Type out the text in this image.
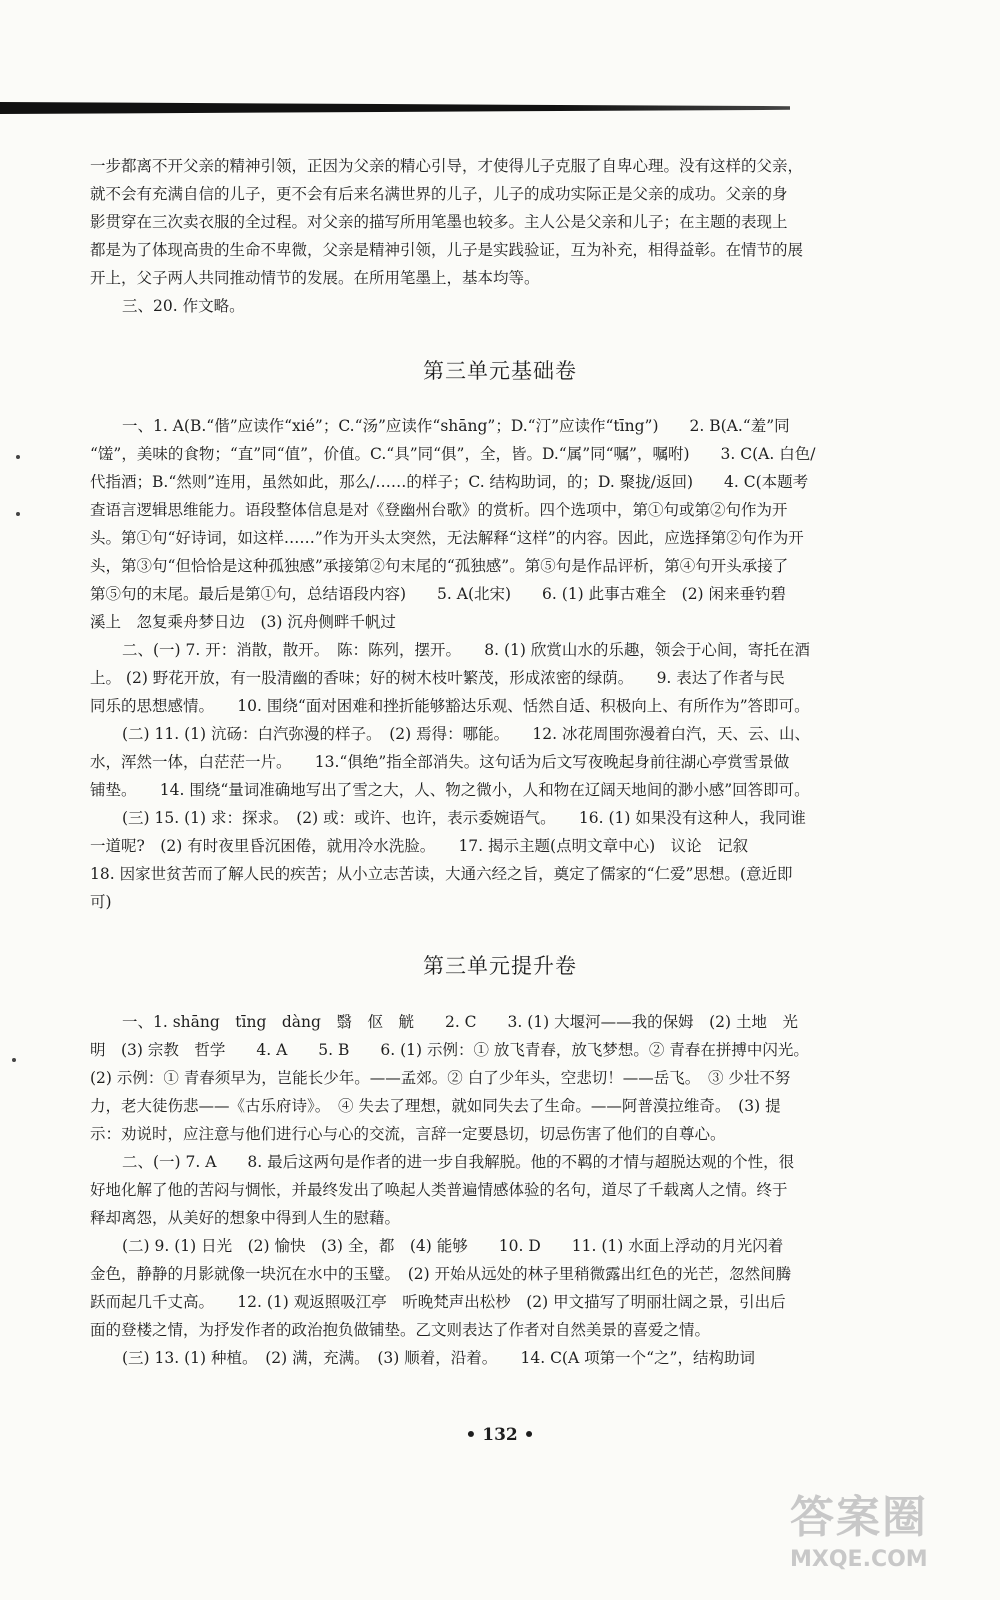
一步都离不开父亲的精神引领，正因为父亲的精心引导，才使得儿子克服了自卑心理。没有这样的父亲，
就不会有充满自信的儿子，更不会有后来名满世界的儿子，儿子的成功实际正是父亲的成功。父亲的身
影贯穿在三次卖衣服的全过程。对父亲的描写所用笔墨也较多。主人公是父亲和儿子；在主题的表现上
都是为了体现高贵的生命不卑微，父亲是精神引领，儿子是实践验证，互为补充，相得益彰。在情节的展
开上，父子两人共同推动情节的发展。在所用笔墨上，基本均等。
三、20. 作文略。
第三单元基础卷
一、1. A(B.“偕”应读作“xié”；C.“汤”应读作“shāng”；D.“汀”应读作“tīng”)　　2. B(A.“羞”同
“馐”，美味的食物；“直”同“值”，价值。C.“具”同“俱”，全，皆。D.“属”同“嘱”，嘱咐)　　3. C(A. 白色/
代指酒；B.“然则”连用，虽然如此，那么/……的样子；C. 结构助词，的；D. 聚拢/返回)　　4. C(本题考
查语言逻辑思维能力。语段整体信息是对《登幽州台歌》的赏析。四个选项中，第①句或第②句作为开
头。第①句“好诗词，如这样……”作为开头太突然，无法解释“这样”的内容。因此，应选择第②句作为开
头，第③句“但恰恰是这种孤独感”承接第②句末尾的“孤独感”。第⑤句是作品评析，第④句开头承接了
第⑤句的末尾。最后是第①句，总结语段内容)　　5. A(北宋)　　6. (1) 此事古难全　(2) 闲来垂钓碧
溪上　忽复乘舟梦日边　(3) 沉舟侧畔千帆过
二、(一) 7. 开：消散，散开。　陈：陈列，摆开。　　8. (1) 欣赏山水的乐趣，领会于心间，寄托在酒
上。 (2) 野花开放，有一股清幽的香味；好的树木枝叶繁茂，形成浓密的绿荫。　　9. 表达了作者与民
同乐的思想感情。　　10. 围绕“面对困难和挫折能够豁达乐观、恬然自适、积极向上、有所作为”答即可。
(二) 11. (1) 沆砀：白汽弥漫的样子。　(2) 焉得：哪能。　　12. 冰花周围弥漫着白汽，天、云、山、
水，浑然一体，白茫茫一片。　　13.“俱绝”指全部消失。这句话为后文写夜晚起身前往湖心亭赏雪景做
铺垫。　　14. 围绕“量词准确地写出了雪之大，人、物之微小，人和物在辽阔天地间的渺小感”回答即可。
(三) 15. (1) 求：探求。　(2) 或：或许、也许，表示委婉语气。　　16. (1) 如果没有这种人，我同谁
一道呢?　(2) 有时夜里昏沉困倦，就用冷水洗脸。　　17. 揭示主题(点明文章中心)　议论　记叙
18. 因家世贫苦而了解人民的疾苦；从小立志苦读，大通六经之旨，奠定了儒家的“仁爱”思想。(意近即
可)
第三单元提升卷
一、1. shāng　tīng　dàng　翳　伛　觥　　2. C　　3. (1) 大堰河——我的保姆　(2) 土地　光
明　(3) 宗教　哲学　　4. A　　5. B　　6. (1) 示例：① 放飞青春，放飞梦想。② 青春在拼搏中闪光。
(2) 示例：① 青春须早为，岂能长少年。——孟郊。② 白了少年头，空悲切！——岳飞。　③ 少壮不努
力，老大徒伤悲——《古乐府诗》。　④ 失去了理想，就如同失去了生命。——阿普漠拉维奇。　(3) 提
示：劝说时，应注意与他们进行心与心的交流，言辞一定要恳切，切忌伤害了他们的自尊心。
二、(一) 7. A　　8. 最后这两句是作者的进一步自我解脱。他的不羁的才情与超脱达观的个性，很
好地化解了他的苦闷与惆怅，并最终发出了唤起人类普遍情感体验的名句，道尽了千载离人之情。终于
释却离怨，从美好的想象中得到人生的慰藉。
(二) 9. (1) 日光　(2) 愉快　(3) 全，都　(4) 能够　　10. D　　11. (1) 水面上浮动的月光闪着
金色，静静的月影就像一块沉在水中的玉璧。　(2) 开始从远处的林子里稍微露出红色的光芒，忽然间腾
跃而起几千丈高。　　12. (1) 观返照吸江亭　听晚梵声出松杪　(2) 甲文描写了明丽壮阔之景，引出后
面的登楼之情，为抒发作者的政治抱负做铺垫。乙文则表达了作者对自然美景的喜爱之情。
(三) 13. (1) 种植。　(2) 满，充满。　(3) 顺着，沿着。　　14. C(A 项第一个“之”，结构助词
• 132 •
答案圈
MXQE.COM
